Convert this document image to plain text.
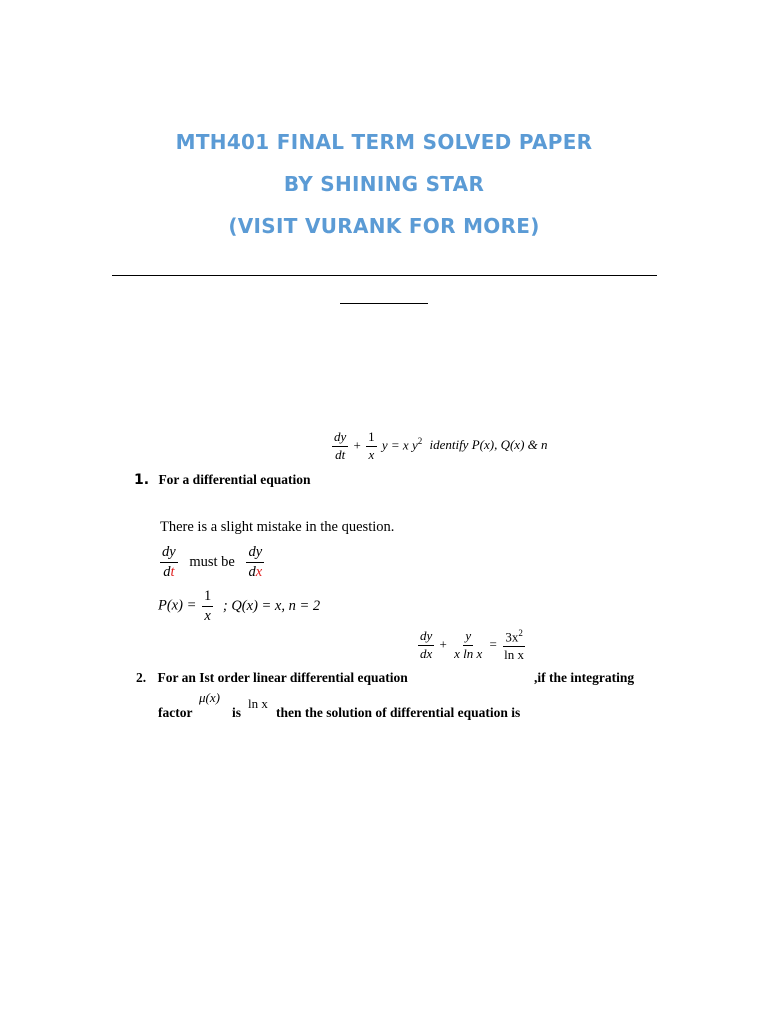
MTH401 FINAL TERM SOLVED PAPER
BY SHINING STAR
(VISIT VURANK FOR MORE)
$\frac{dy}{dt} + \frac{1}{x}$ y = x $y^2$ identify P(x), Q(x) & n
1. For a differential equation
There is a slight mistake in the question.
$\frac{dy}{dt}$ must be $\frac{dy}{dx}$
$P(x) = \frac{1}{x}$ ; Q(x) = x, n = 2
$\frac{dy}{dx} + \frac{y}{\text{x ln x}} = \frac{3x^2}{\text{ln x}}$
2. For an Ist order linear differential equation	,if the integrating
μ(x) ln x
factor	is	then the solution of differential equation is
